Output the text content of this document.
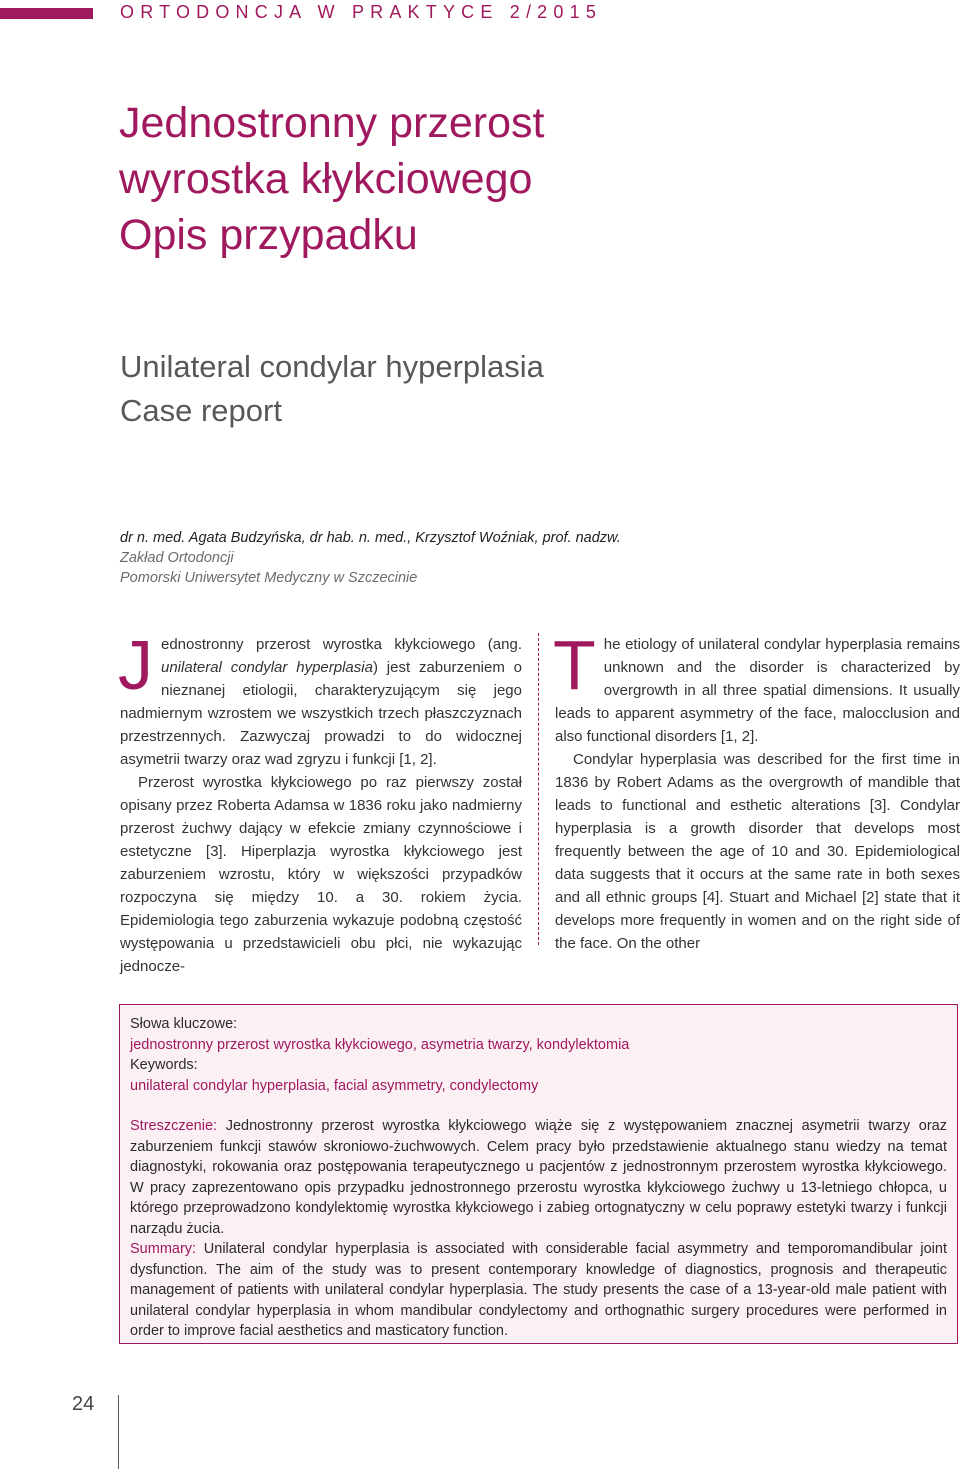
ORTODONCJA W PRAKTYCE 2/2015
Jednostronny przerost
wyrostka kłykciowego
Opis przypadku
Unilateral condylar hyperplasia
Case report
dr n. med. Agata Budzyńska, dr hab. n. med., Krzysztof Woźniak, prof. nadzw.
Zakład Ortodoncji
Pomorski Uniwersytet Medyczny w Szczecinie

Jednostronny przerost wyrostka kłykciowego (ang. unilateral condylar hyperplasia) jest zaburzeniem o nieznanej etiologii, charakteryzującym się jego nadmiernym wzrostem we wszystkich trzech płaszczyznach przestrzennych. Zazwyczaj prowadzi to do widocznej asymetrii twarzy oraz wad zgryzu i funkcji [1, 2].

Przerost wyrostka kłykciowego po raz pierwszy został opisany przez Roberta Adamsa w 1836 roku jako nadmierny przerost żuchwy dający w efekcie zmiany czynnościowe i estetyczne [3]. Hiperplazja wyrostka kłykciowego jest zaburzeniem wzrostu, który w większości przypadków rozpoczyna się między 10. a 30. rokiem życia. Epidemiologia tego zaburzenia wykazuje podobną częstość występowania u przedstawicieli obu płci, nie wykazując jednocze-

The etiology of unilateral condylar hyperplasia remains unknown and the disorder is characterized by overgrowth in all three spatial dimensions. It usually leads to apparent asymmetry of the face, malocclusion and also functional disorders [1, 2].

Condylar hyperplasia was described for the first time in 1836 by Robert Adams as the overgrowth of mandible that leads to functional and esthetic alterations [3]. Condylar hyperplasia is a growth disorder that develops most frequently between the age of 10 and 30. Epidemiological data suggests that it occurs at the same rate in both sexes and all ethnic groups [4]. Stuart and Michael [2] state that it develops more frequently in women and on the right side of the face. On the other

Słowa kluczowe:
jednostronny przerost wyrostka kłykciowego, asymetria twarzy, kondylektomia
Keywords:
unilateral condylar hyperplasia, facial asymmetry, condylectomy

Streszczenie: Jednostronny przerost wyrostka kłykciowego wiąże się z występowaniem znacznej asymetrii twarzy oraz zaburzeniem funkcji stawów skroniowo-żuchwowych. Celem pracy było przedstawienie aktualnego stanu wiedzy na temat diagnostyki, rokowania oraz postępowania terapeutycznego u pacjentów z jednostronnym przerostem wyrostka kłykciowego. W pracy zaprezentowano opis przypadku jednostronnego przerostu wyrostka kłykciowego żuchwy u 13-letniego chłopca, u którego przeprowadzono kondylektomię wyrostka kłykciowego i zabieg ortognatyczny w celu poprawy estetyki twarzy i funkcji narządu żucia.

Summary: Unilateral condylar hyperplasia is associated with considerable facial asymmetry and temporomandibular joint dysfunction. The aim of the study was to present contemporary knowledge of diagnostics, prognosis and therapeutic management of patients with unilateral condylar hyperplasia. The study presents the case of a 13-year-old male patient with unilateral condylar hyperplasia in whom mandibular condylectomy and orthognathic surgery procedures were performed in order to improve facial aesthetics and masticatory function.

24
